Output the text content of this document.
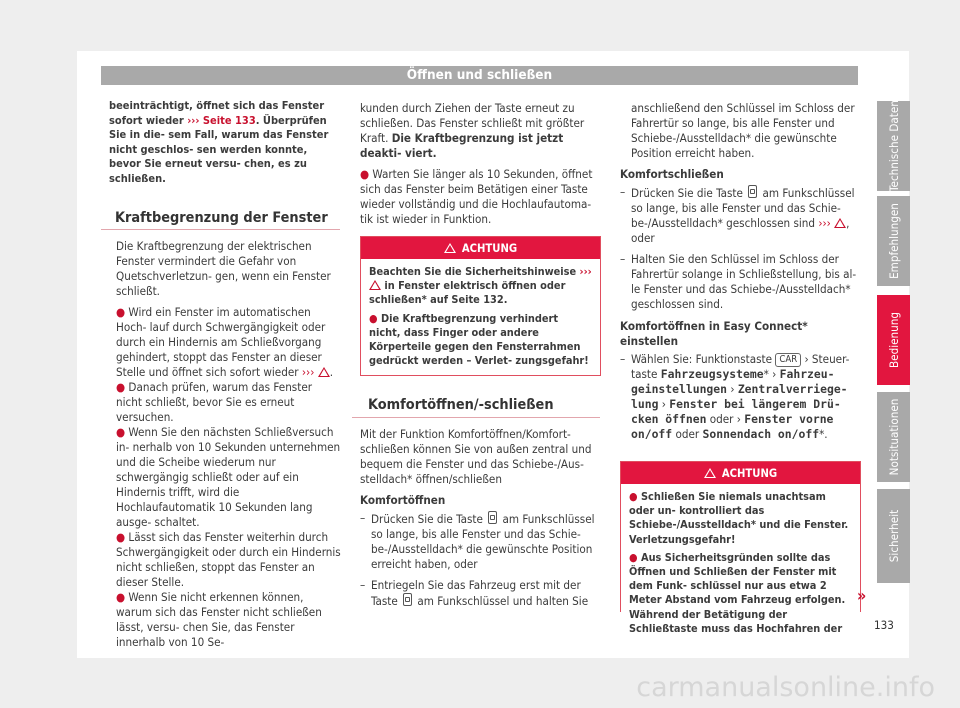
Öffnen und schließen

beeinträchtigt, öffnet sich das Fenster sofort wieder ››› Seite 133. Überprüfen Sie in die- sem Fall, warum das Fenster nicht geschlos- sen werden konnte, bevor Sie erneut versu- chen, es zu schließen.

Kraftbegrenzung der Fenster

Die Kraftbegrenzung der elektrischen Fenster vermindert die Gefahr von Quetschverletzun- gen, wenn ein Fenster schließt.

● Wird ein Fenster im automatischen Hoch- lauf durch Schwergängigkeit oder durch ein Hindernis am Schließvorgang gehindert, stoppt das Fenster an dieser Stelle und öffnet sich sofort wieder ››› .

● Danach prüfen, warum das Fenster nicht schließt, bevor Sie es erneut versuchen.

● Wenn Sie den nächsten Schließversuch in- nerhalb von 10 Sekunden unternehmen und die Scheibe wiederum nur schwergängig schließt oder auf ein Hindernis trifft, wird die Hochlaufautomatik 10 Sekunden lang ausge- schaltet.

● Lässt sich das Fenster weiterhin durch Schwergängigkeit oder durch ein Hindernis nicht schließen, stoppt das Fenster an dieser Stelle.

● Wenn Sie nicht erkennen können, warum sich das Fenster nicht schließen lässt, versu- chen Sie, das Fenster innerhalb von 10 Se-

kunden durch Ziehen der Taste erneut zu schließen. Das Fenster schließt mit größter Kraft. Die Kraftbegrenzung ist jetzt deakti- viert.

● Warten Sie länger als 10 Sekunden, öffnet sich das Fenster beim Betätigen einer Taste wieder vollständig und die Hochlaufautoma- tik ist wieder in Funktion.

ACHTUNG

Beachten Sie die Sicherheitshinweise ›››  in Fenster elektrisch öffnen oder schließen* auf Seite 132.

● Die Kraftbegrenzung verhindert nicht, dass Finger oder andere Körperteile gegen den Fensterrahmen gedrückt werden – Verlet- zungsgefahr!

Komfortöffnen/-schließen

Mit der Funktion Komfortöffnen/Komfort- schließen können Sie von außen zentral und bequem die Fenster und das Schiebe-/Aus- stelldach* öffnen/schließen

Komfortöffnen

– Drücken Sie die Taste  am Funkschlüssel so lange, bis alle Fenster und das Schie- be-/Ausstelldach* die gewünschte Position erreicht haben, oder
– Entriegeln Sie das Fahrzeug erst mit der Taste  am Funkschlüssel und halten Sie
anschließend den Schlüssel im Schloss der Fahrertür so lange, bis alle Fenster und Schiebe-/Ausstelldach* die gewünschte Position erreicht haben.

Komfortschließen

– Drücken Sie die Taste  am Funkschlüssel so lange, bis alle Fenster und das Schie- be-/Ausstelldach* geschlossen sind ››› , oder
– Halten Sie den Schlüssel im Schloss der Fahrertür solange in Schließstellung, bis al- le Fenster und das Schiebe-/Ausstelldach* geschlossen sind.

Komfortöffnen in Easy Connect* einstellen

– Wählen Sie: Funktionstaste CAR › Steuer- taste Fahrzeugsysteme* › Fahrzeu- geinstellungen › Zentralverriege- lung › Fenster bei längerem Drü- cken öffnen oder › Fenster vorne on/off oder Sonnendach on/off*.
ACHTUNG

● Schließen Sie niemals unachtsam oder un- kontrolliert das Schiebe-/Ausstelldach* und die Fenster. Verletzungsgefahr!

● Aus Sicherheitsgründen sollte das Öffnen und Schließen der Fenster mit dem Funk- schlüssel nur aus etwa 2 Meter Abstand vom Fahrzeug erfolgen. Während der Betätigung der Schließtaste muss das Hochfahren der

»
Technische Daten
Empfehlungen
Bedienung
Notsituationen
Sicherheit
133
carmanualsonline.info
